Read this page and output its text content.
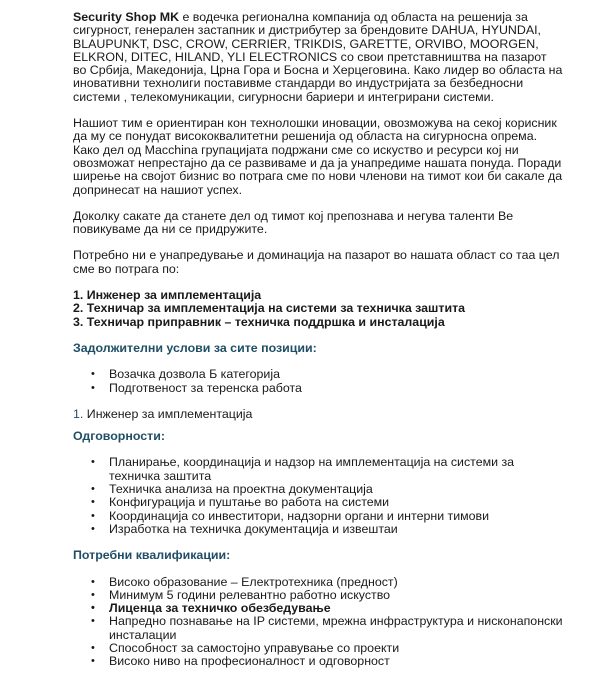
Security Shop MK е водечка регионална компанија од областа на решенија за сигурност, генерален застапник и дистрибутер за брендовите DAHUA, HYUNDAI, BLAUPUNKT, DSC, CROW, CERRIER, TRIKDIS, GARETTE, ORVIBO, MOORGEN, ELKRON, DITEC, HILAND, YLI ELECTRONICS со свои претставништва на пазарот во Србија, Македонија, Црна Гора и Босна и Херцеговина. Како лидер во областа на иновативни технолиги поставивме стандарди во индустријата за безбедносни системи , телекомуникации, сигурносни бариери и интегрирани системи.

Нашиот тим е ориентиран кон технолошки иновации, овозможува на секој корисник да му се понудат висококвалитетни решенија од областа на сигурносна опрема. Како дел од Macchina групацијата подржани сме со искуство и ресурси кој ни овозможат непрестајно да се развиваме и да ја унапредиме нашата понуда. Поради ширење на својот бизнис во потрага сме по нови членови на тимот кои би сакале да допринесат на нашиот успех.

Доколку сакате да станете дел од тимот кој препознава и негува таленти Ве повикуваме да ни се придружите.

Потребно ни е унапредување и доминација на пазарот во нашата област со таа цел сме во потрага по:

1. Инженер за имплементација
2. Техничар за имплементација на системи за техничка заштита
3. Техничар приправник – техничка поддршка и инсталација

Задолжителни услови за сите позиции:

• Возачка дозвола Б категорија
• Подготвеност за теренска работа

1. Инженер за имплементација

Одговорности:

• Планирање, координација и надзор на имплементација на системи за техничка заштита
• Техничка анализа на проектна документација
• Конфигурација и пуштање во работа на системи
• Координација со инвеститори, надзорни органи и интерни тимови
• Изработка на техничка документација и извештаи

Потребни квалификации:

• Високо образование – Електротехника (предност)
• Минимум 5 години релевантно работно искуство
• Лиценца за техничко обезбедување
• Напредно познавање на IP системи, мрежна инфраструктура и нисконапонски инсталации
• Способност за самостојно управување со проекти
• Високо ниво на професионалност и одговорност
